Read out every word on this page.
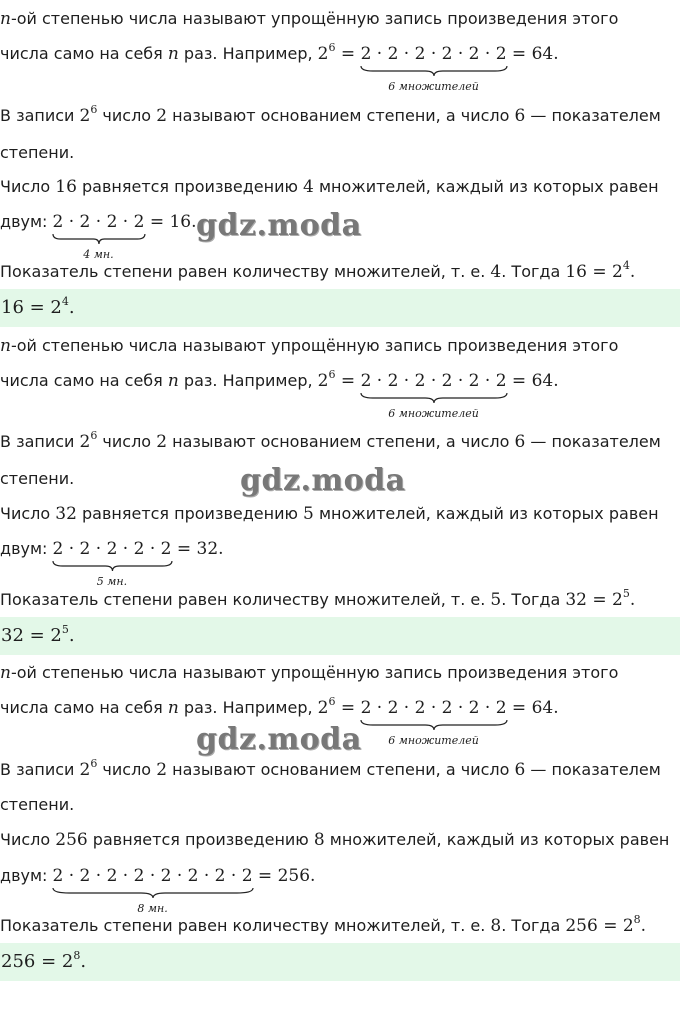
n-ой степенью числа называют упрощённую запись произведения этого
числа само на себя n раз. Например, $2^6 = 2 \cdot 2 \cdot 2 \cdot 2 \cdot 2 \cdot 2$
6 множителей
= 64.
В записи $2^6$ число 2 называют основанием степени, а число 6 — показателем
степени.
Число 16 равняется произведению 4 множителей, каждый из которых равен
двум: 2 · 2 · 2 · 2
4 мн.
= 16.
Показатель степени равен количеству множителей, т. е. 4. Тогда $16 = 2^4$.
$16 = 2^4$.
n-ой степенью числа называют упрощённую запись произведения этого
числа само на себя n раз. Например, $2^6 = 2 \cdot 2 \cdot 2 \cdot 2 \cdot 2 \cdot 2$
6 множителей
= 64.
В записи $2^6$ число 2 называют основанием степени, а число 6 — показателем
степени.
Число 32 равняется произведению 5 множителей, каждый из которых равен
двум: 2 · 2 · 2 · 2 · 2
5 мн.
= 32.
Показатель степени равен количеству множителей, т. е. 5. Тогда $32 = 2^5$.
$32 = 2^5$.
n-ой степенью числа называют упрощённую запись произведения этого
числа само на себя n раз. Например, $2^6 = 2 \cdot 2 \cdot 2 \cdot 2 \cdot 2 \cdot 2$
6 множителей
= 64.
В записи $2^6$ число 2 называют основанием степени, а число 6 — показателем
степени.
Число 256 равняется произведению 8 множителей, каждый из которых равен
двум: 2 · 2 · 2 · 2 · 2 · 2 · 2 · 2
8 мн.
= 256.
Показатель степени равен количеству множителей, т. е. 8. Тогда $256 = 2^8$.
$256 = 2^8$.
gdz.moda
gdz.moda
gdz.moda
